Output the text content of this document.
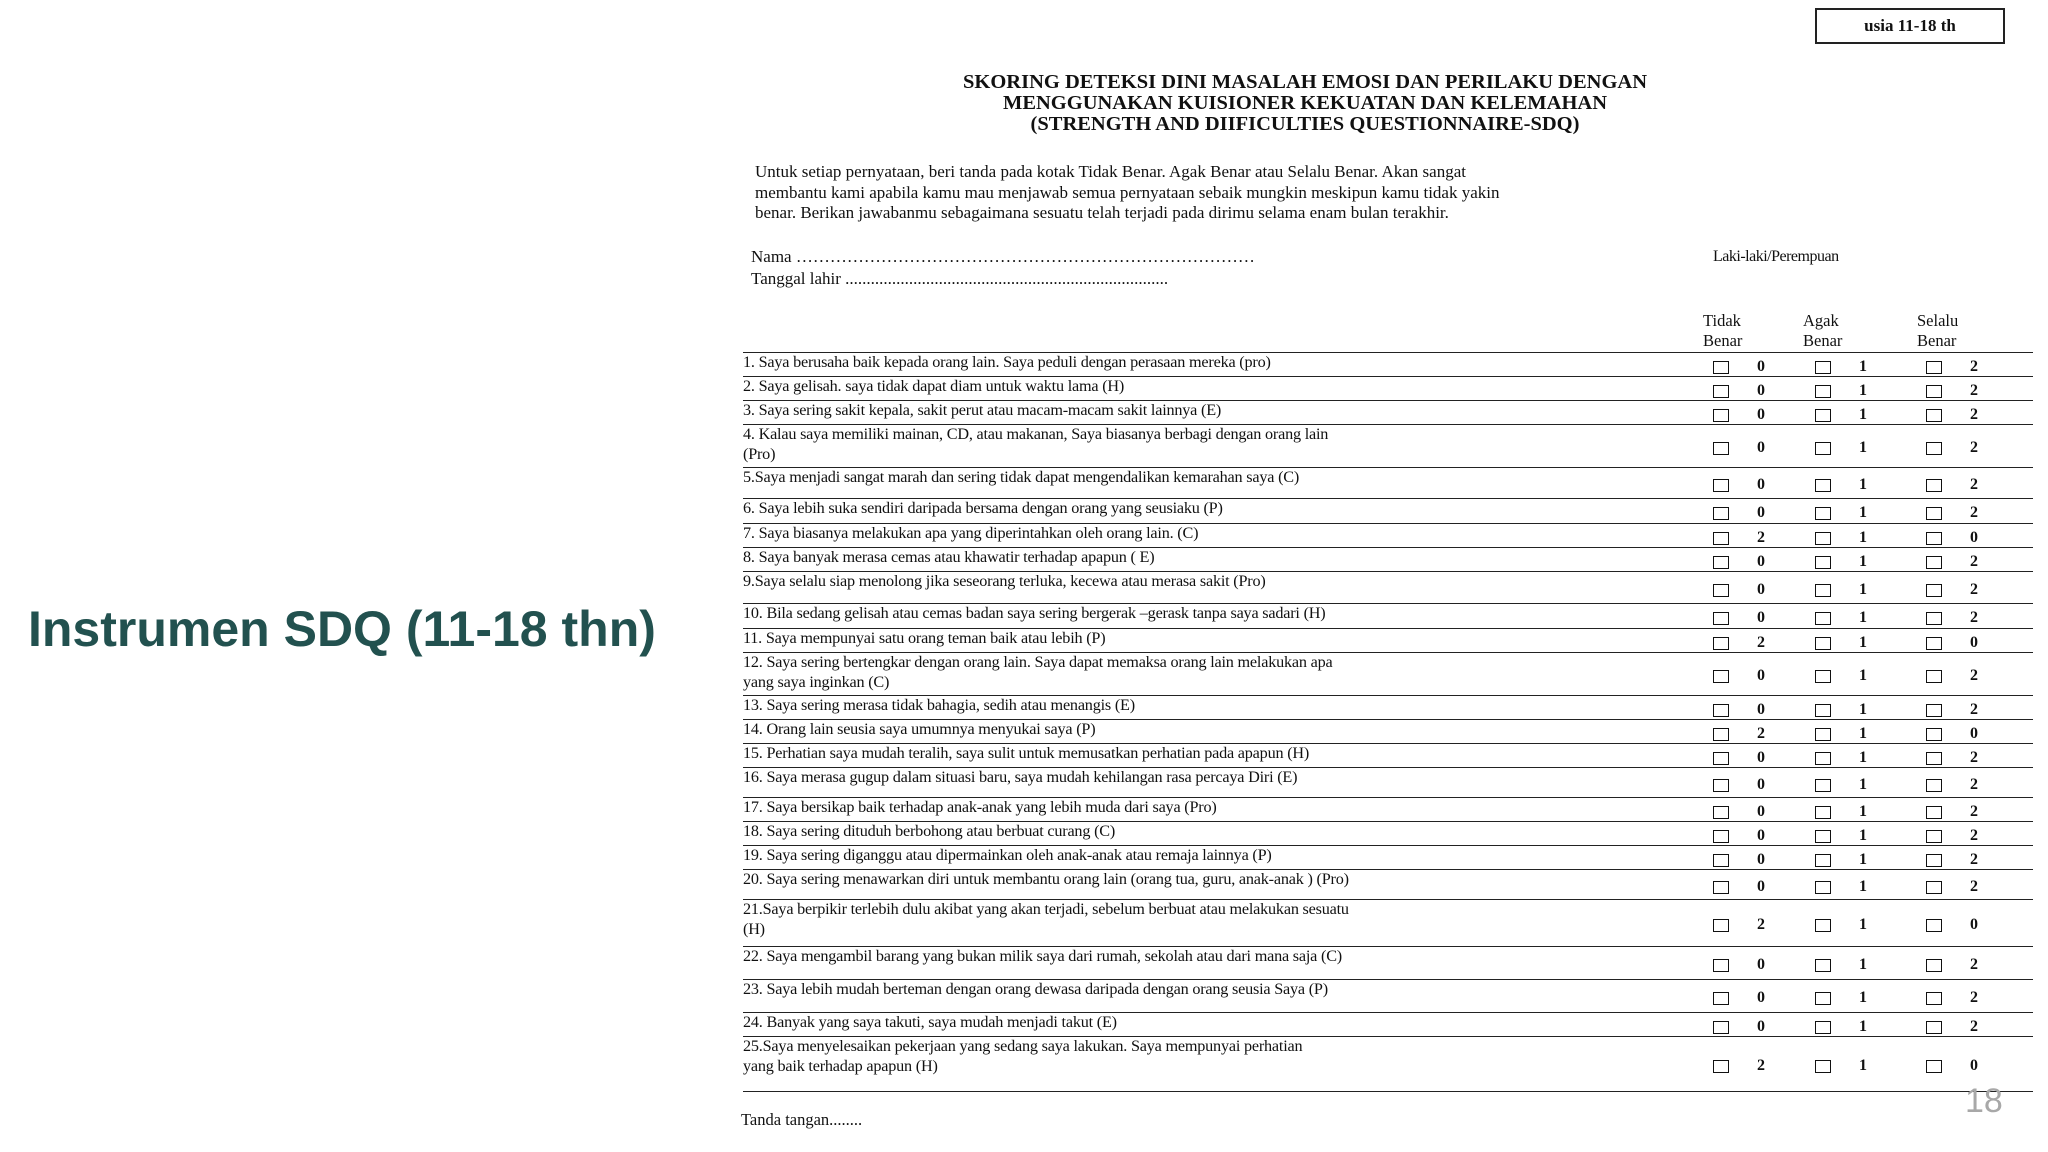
Instrumen SDQ (11-18 thn)
usia 11-18 th
SKORING DETEKSI DINI MASALAH EMOSI DAN PERILAKU DENGAN
MENGGUNAKAN KUISIONER KEKUATAN DAN KELEMAHAN
(STRENGTH AND DIIFICULTIES QUESTIONNAIRE-SDQ)
Untuk setiap pernyataan, beri tanda pada kotak Tidak Benar. Agak Benar atau Selalu Benar. Akan sangat
membantu kami apabila kamu mau menjawab semua pernyataan sebaik mungkin meskipun kamu tidak yakin
benar. Berikan jawabanmu sebagaimana sesuatu telah terjadi pada dirimu selama enam bulan terakhir.
Nama ………………………………………………………………………
Tanggal lahir ............................................................................
Laki-laki/Perempuan
Tidak
Benar
Agak
Benar
Selalu
Benar
1. Saya berusaha baik kepada orang lain. Saya peduli dengan perasaan mereka (pro)	0	1	2
2. Saya gelisah. saya tidak dapat diam untuk waktu lama (H)	0	1	2
3. Saya sering sakit kepala, sakit perut atau macam-macam sakit lainnya (E)	0	1	2
4. Kalau saya memiliki mainan, CD, atau makanan, Saya biasanya berbagi dengan orang lain
(Pro)	0	1	2
5.Saya menjadi sangat marah dan sering tidak dapat mengendalikan kemarahan saya (C)	0	1	2
6. Saya lebih suka sendiri daripada bersama dengan orang yang seusiaku (P)	0	1	2
7. Saya biasanya melakukan apa yang diperintahkan oleh orang lain. (C)	2	1	0
8. Saya banyak merasa cemas atau khawatir terhadap apapun ( E)	0	1	2
9.Saya selalu siap menolong jika seseorang terluka, kecewa atau merasa sakit (Pro)	0	1	2
10. Bila sedang gelisah atau cemas badan saya sering bergerak –gerask tanpa saya sadari (H)	0	1	2
11. Saya mempunyai satu orang teman baik atau lebih (P)	2	1	0
12. Saya sering bertengkar dengan orang lain. Saya dapat memaksa orang lain melakukan apa
yang saya inginkan (C)	0	1	2
13. Saya sering merasa tidak bahagia, sedih atau menangis (E)	0	1	2
14. Orang lain seusia saya umumnya menyukai saya (P)	2	1	0
15. Perhatian saya mudah teralih, saya sulit untuk memusatkan perhatian pada apapun (H)	0	1	2
16. Saya merasa gugup dalam situasi baru, saya mudah kehilangan rasa percaya Diri (E)	0	1	2
17. Saya bersikap baik terhadap anak-anak yang lebih muda dari saya (Pro)	0	1	2
18. Saya sering dituduh berbohong atau berbuat curang (C)	0	1	2
19. Saya sering diganggu atau dipermainkan oleh anak-anak atau remaja lainnya (P)	0	1	2
20. Saya sering menawarkan diri untuk membantu orang lain (orang tua, guru, anak-anak ) (Pro)	0	1	2
21.Saya berpikir terlebih dulu akibat yang akan terjadi, sebelum berbuat atau melakukan sesuatu
(H)	2	1	0
22. Saya mengambil barang yang bukan milik saya dari rumah, sekolah atau dari mana saja (C)	0	1	2
23. Saya lebih mudah berteman dengan orang dewasa daripada dengan orang seusia Saya (P)	0	1	2
24. Banyak yang saya takuti, saya mudah menjadi takut (E)	0	1	2
25.Saya menyelesaikan pekerjaan yang sedang saya lakukan. Saya mempunyai perhatian
yang baik terhadap apapun (H)	2	1	0
Tanda tangan........	18
